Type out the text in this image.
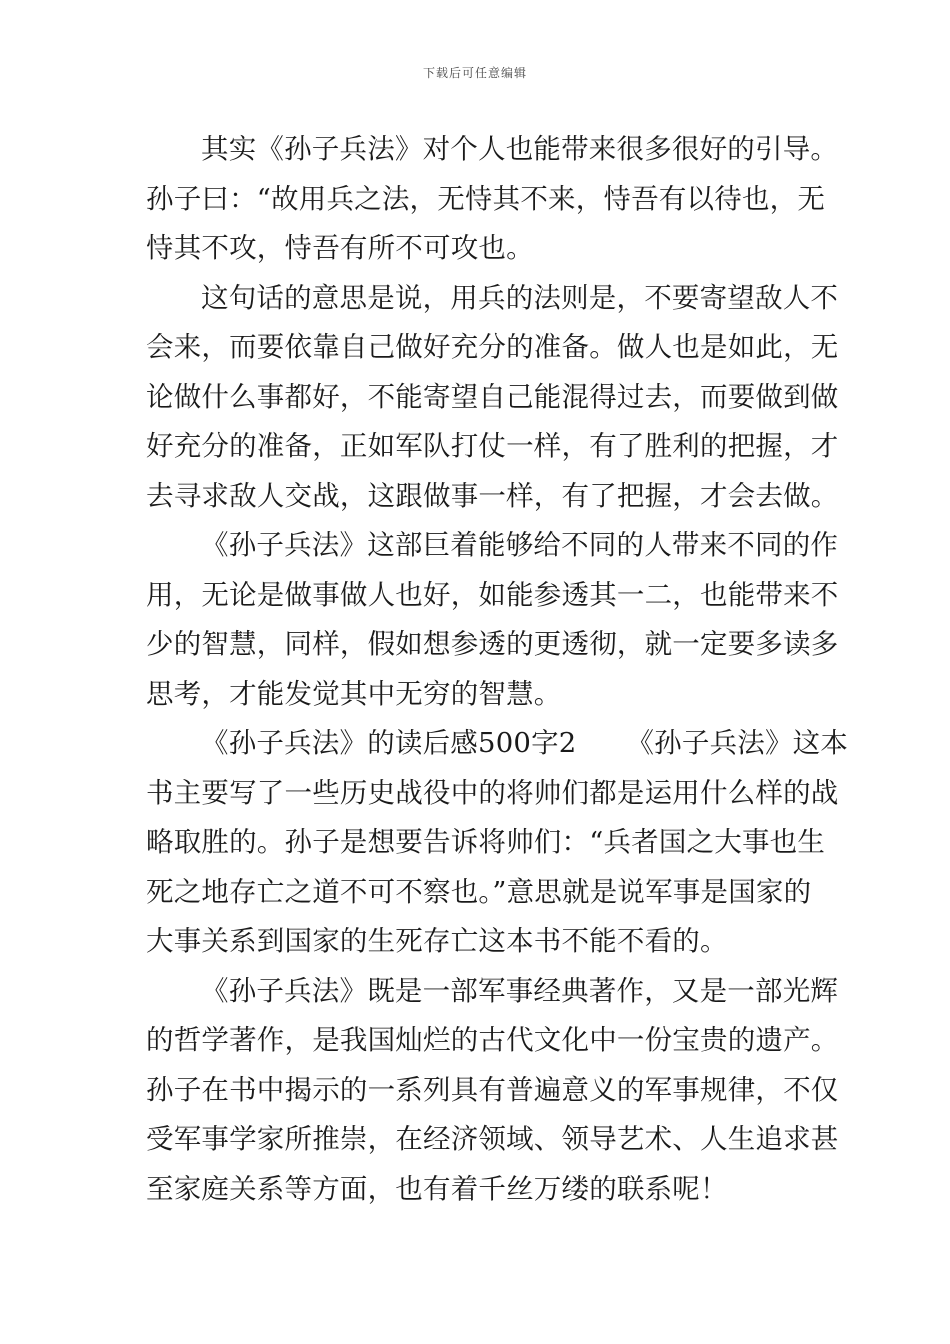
下载后可任意编辑

其实《孙子兵法》对个人也能带来很多很好的引导。
孙子曰：“故用兵之法，无恃其不来，恃吾有以待也，无
恃其不攻，恃吾有所不可攻也。

这句话的意思是说，用兵的法则是，不要寄望敌人不
会来，而要依靠自己做好充分的准备。做人也是如此，无
论做什么事都好，不能寄望自己能混得过去，而要做到做
好充分的准备，正如军队打仗一样，有了胜利的把握，才
去寻求敌人交战，这跟做事一样，有了把握，才会去做。

《孙子兵法》这部巨着能够给不同的人带来不同的作
用，无论是做事做人也好，如能参透其一二，也能带来不
少的智慧，同样，假如想参透的更透彻，就一定要多读多
思考，才能发觉其中无穷的智慧。

《孙子兵法》的读后感500字2 《孙子兵法》这本
书主要写了一些历史战役中的将帅们都是运用什么样的战
略取胜的。孙子是想要告诉将帅们：“兵者国之大事也生
死之地存亡之道不可不察也。”意思就是说军事是国家的
大事关系到国家的生死存亡这本书不能不看的。

《孙子兵法》既是一部军事经典著作，又是一部光辉
的哲学著作，是我国灿烂的古代文化中一份宝贵的遗产。
孙子在书中揭示的一系列具有普遍意义的军事规律，不仅
受军事学家所推崇，在经济领域、领导艺术、人生追求甚
至家庭关系等方面，也有着千丝万缕的联系呢！
